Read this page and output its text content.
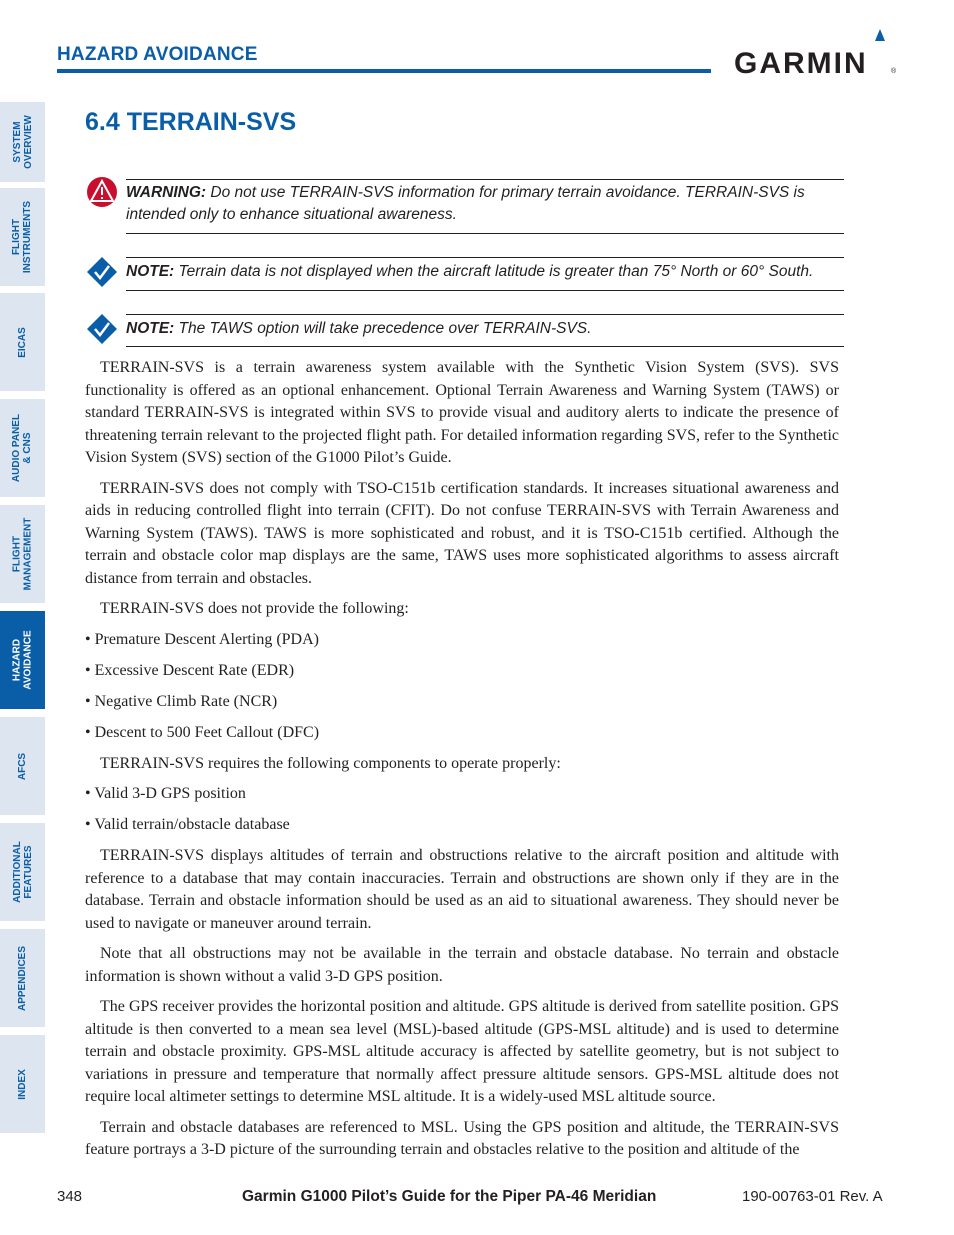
SYSTEM
OVERVIEW
FLIGHT
INSTRUMENTS
EICAS
AUDIO PANEL
& CNS
FLIGHT
MANAGEMENT
HAZARD
AVOIDANCE
AFCS
ADDITIONAL
FEATURES
APPENDICES
INDEX
HAZARD AVOIDANCE	GARMIN	®
6.4 TERRAIN-SVS
WARNING: Do not use TERRAIN-SVS information for primary terrain avoidance. TERRAIN-SVS is intended only to enhance situational awareness.
NOTE: Terrain data is not displayed when the aircraft latitude is greater than 75° North or 60° South.
NOTE: The TAWS option will take precedence over TERRAIN-SVS.

TERRAIN-SVS is a terrain awareness system available with the Synthetic Vision System (SVS). SVS functionality is offered as an optional enhancement. Optional Terrain Awareness and Warning System (TAWS) or standard TERRAIN-SVS is integrated within SVS to provide visual and auditory alerts to indicate the presence of threatening terrain relevant to the projected flight path. For detailed information regarding SVS, refer to the Synthetic Vision System (SVS) section of the G1000 Pilot’s Guide.

TERRAIN-SVS does not comply with TSO-C151b certification standards. It increases situational awareness and aids in reducing controlled flight into terrain (CFIT). Do not confuse TERRAIN-SVS with Terrain Awareness and Warning System (TAWS). TAWS is more sophisticated and robust, and it is TSO-C151b certified. Although the terrain and obstacle color map displays are the same, TAWS uses more sophisticated algorithms to assess aircraft distance from terrain and obstacles.

TERRAIN-SVS does not provide the following:

• Premature Descent Alerting (PDA)
• Excessive Descent Rate (EDR)
• Negative Climb Rate (NCR)
• Descent to 500 Feet Callout (DFC)

TERRAIN-SVS requires the following components to operate properly:

• Valid 3-D GPS position
• Valid terrain/obstacle database

TERRAIN-SVS displays altitudes of terrain and obstructions relative to the aircraft position and altitude with reference to a database that may contain inaccuracies. Terrain and obstructions are shown only if they are in the database. Terrain and obstacle information should be used as an aid to situational awareness. They should never be used to navigate or maneuver around terrain.

Note that all obstructions may not be available in the terrain and obstacle database. No terrain and obstacle information is shown without a valid 3-D GPS position.

The GPS receiver provides the horizontal position and altitude. GPS altitude is derived from satellite position. GPS altitude is then converted to a mean sea level (MSL)-based altitude (GPS-MSL altitude) and is used to determine terrain and obstacle proximity. GPS-MSL altitude accuracy is affected by satellite geometry, but is not subject to variations in pressure and temperature that normally affect pressure altitude sensors. GPS-MSL altitude does not require local altimeter settings to determine MSL altitude. It is a widely-used MSL altitude source.

Terrain and obstacle databases are referenced to MSL. Using the GPS position and altitude, the TERRAIN-SVS feature portrays a 3-D picture of the surrounding terrain and obstacles relative to the position and altitude of the

348	Garmin G1000 Pilot’s Guide for the Piper PA-46 Meridian	190-00763-01 Rev. A
